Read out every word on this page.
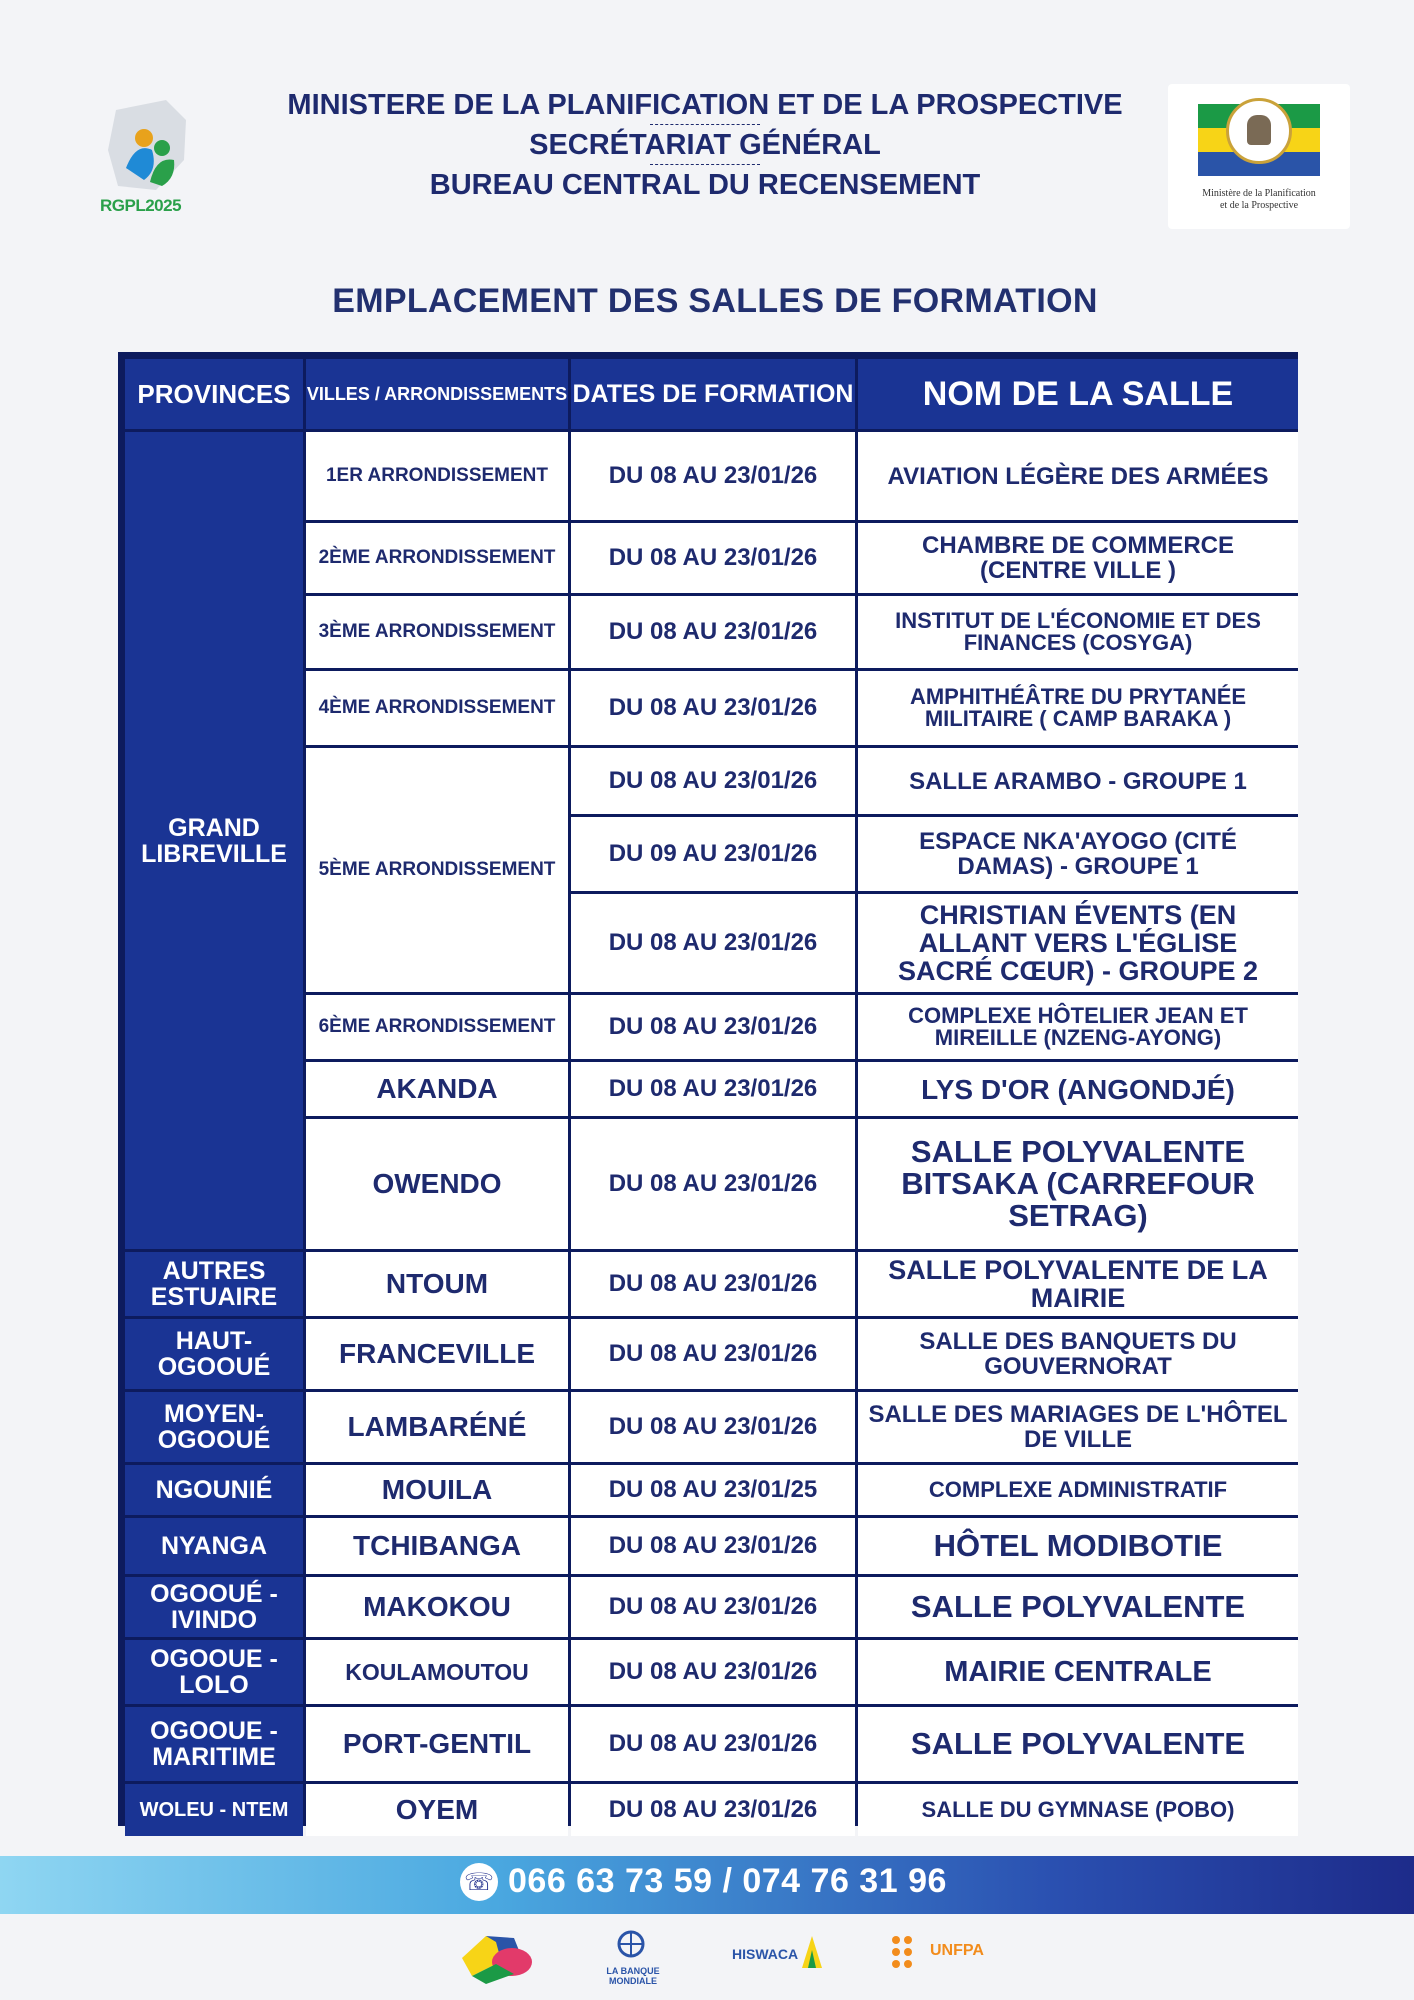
RGPL2025
MINISTERE DE LA PLANIFICATION ET DE LA PROSPECTIVE
SECRÉTARIAT GÉNÉRAL
BUREAU CENTRAL DU RECENSEMENT	Ministère de la Planification
et de la Prospective
EMPLACEMENT DES SALLES DE FORMATION
PROVINCES	VILLES / ARRONDISSEMENTS	DATES DE FORMATION	NOM DE LA SALLE
GRAND LIBREVILLE	1ER ARRONDISSEMENT	DU 08 AU 23/01/26	AVIATION LÉGÈRE DES ARMÉES
	2ÈME ARRONDISSEMENT	DU 08 AU 23/01/26	CHAMBRE DE COMMERCE (CENTRE VILLE )
	3ÈME ARRONDISSEMENT	DU 08 AU 23/01/26	INSTITUT DE L'ÉCONOMIE ET DES FINANCES (COSYGA)
	4ÈME ARRONDISSEMENT	DU 08 AU 23/01/26	AMPHITHÉÂTRE DU PRYTANÉE MILITAIRE ( CAMP BARAKA )
	5ÈME ARRONDISSEMENT	DU 08 AU 23/01/26	SALLE ARAMBO - GROUPE 1
		DU 09 AU 23/01/26	ESPACE NKA'AYOGO (CITÉ DAMAS) - GROUPE 1
		DU 08 AU 23/01/26	CHRISTIAN ÉVENTS (EN ALLANT VERS L'ÉGLISE SACRÉ CŒUR) - GROUPE 2
	6ÈME ARRONDISSEMENT	DU 08 AU 23/01/26	COMPLEXE HÔTELIER JEAN ET MIREILLE (NZENG-AYONG)
	AKANDA	DU 08 AU 23/01/26	LYS D'OR (ANGONDJÉ)
	OWENDO	DU 08 AU 23/01/26	SALLE POLYVALENTE BITSAKA (CARREFOUR SETRAG)
AUTRES ESTUAIRE	NTOUM	DU 08 AU 23/01/26	SALLE POLYVALENTE DE LA MAIRIE
HAUT-OGOOUÉ	FRANCEVILLE	DU 08 AU 23/01/26	SALLE DES BANQUETS DU GOUVERNORAT
MOYEN-OGOOUÉ	LAMBARÉNÉ	DU 08 AU 23/01/26	SALLE DES MARIAGES DE L'HÔTEL DE VILLE
NGOUNIÉ	MOUILA	DU 08 AU 23/01/25	COMPLEXE ADMINISTRATIF
NYANGA	TCHIBANGA	DU 08 AU 23/01/26	HÔTEL MODIBOTIE
OGOOUÉ -IVINDO	MAKOKOU	DU 08 AU 23/01/26	SALLE POLYVALENTE
OGOOUE - LOLO	KOULAMOUTOU	DU 08 AU 23/01/26	MAIRIE CENTRALE
OGOOUE - MARITIME	PORT-GENTIL	DU 08 AU 23/01/26	SALLE POLYVALENTE
WOLEU - NTEM	OYEM	DU 08 AU 23/01/26	SALLE DU GYMNASE (POBO)
☏ 066 63 73 59 / 074 76 31 96
LA BANQUE MONDIALE
HISWACA	UNFPA
